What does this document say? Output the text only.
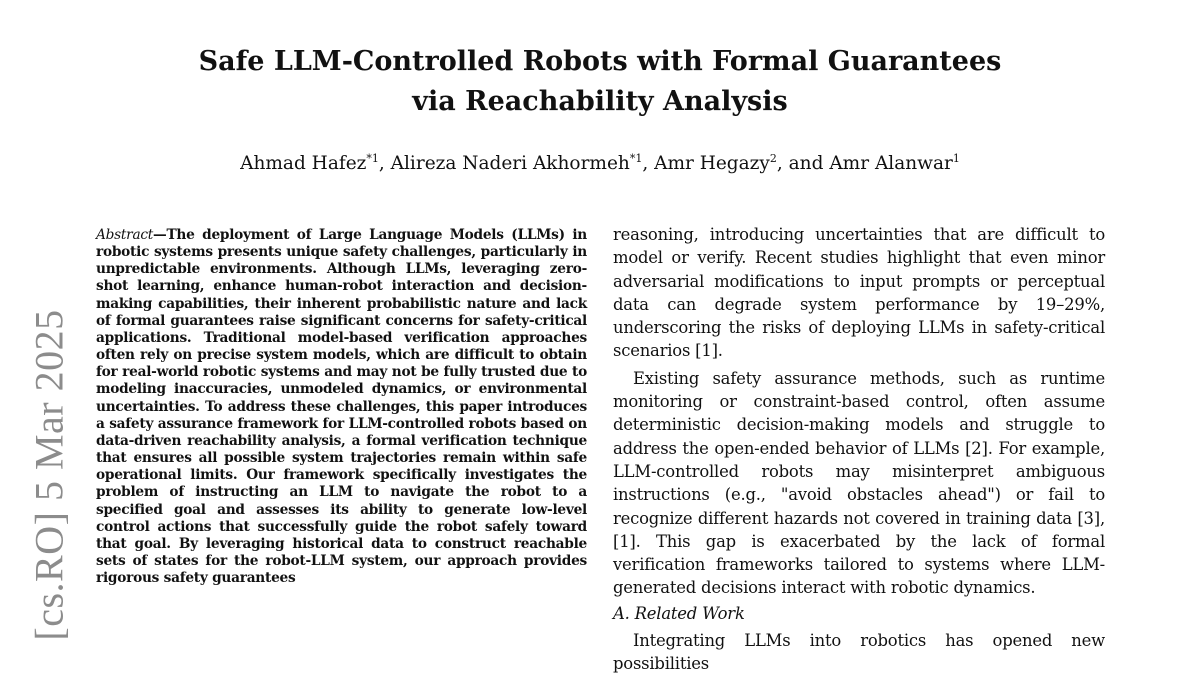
[cs.RO] 5 Mar 2025
Safe LLM-Controlled Robots with Formal Guarantees
via Reachability Analysis

Ahmad Hafez$^{*1}$, Alireza Naderi Akhormeh$^{*1}$, Amr Hegazy$^2$, and Amr Alanwar$^1$

Abstract—The deployment of Large Language Models (LLMs) in robotic systems presents unique safety challenges, particularly in unpredictable environments. Although LLMs, leveraging zero-shot learning, enhance human-robot interaction and decision-making capabilities, their inherent probabilistic nature and lack of formal guarantees raise significant concerns for safety-critical applications. Traditional model-based verification approaches often rely on precise system models, which are difficult to obtain for real-world robotic systems and may not be fully trusted due to modeling inaccuracies, unmodeled dynamics, or environmental uncertainties. To address these challenges, this paper introduces a safety assurance framework for LLM-controlled robots based on data-driven reachability analysis, a formal verification technique that ensures all possible system trajectories remain within safe operational limits. Our framework specifically investigates the problem of instructing an LLM to navigate the robot to a specified goal and assesses its ability to generate low-level control actions that successfully guide the robot safely toward that goal. By leveraging historical data to construct reachable sets of states for the robot-LLM system, our approach provides rigorous safety guarantees

reasoning, introducing uncertainties that are difficult to model or verify. Recent studies highlight that even minor adversarial modifications to input prompts or perceptual data can degrade system performance by 19–29%, underscoring the risks of deploying LLMs in safety-critical scenarios [1].

Existing safety assurance methods, such as runtime monitoring or constraint-based control, often assume deterministic decision-making models and struggle to address the open-ended behavior of LLMs [2]. For example, LLM-controlled robots may misinterpret ambiguous instructions (e.g., "avoid obstacles ahead") or fail to recognize different hazards not covered in training data [3], [1]. This gap is exacerbated by the lack of formal verification frameworks tailored to systems where LLM-generated decisions interact with robotic dynamics.

A. Related Work

Integrating LLMs into robotics has opened new possibilities
